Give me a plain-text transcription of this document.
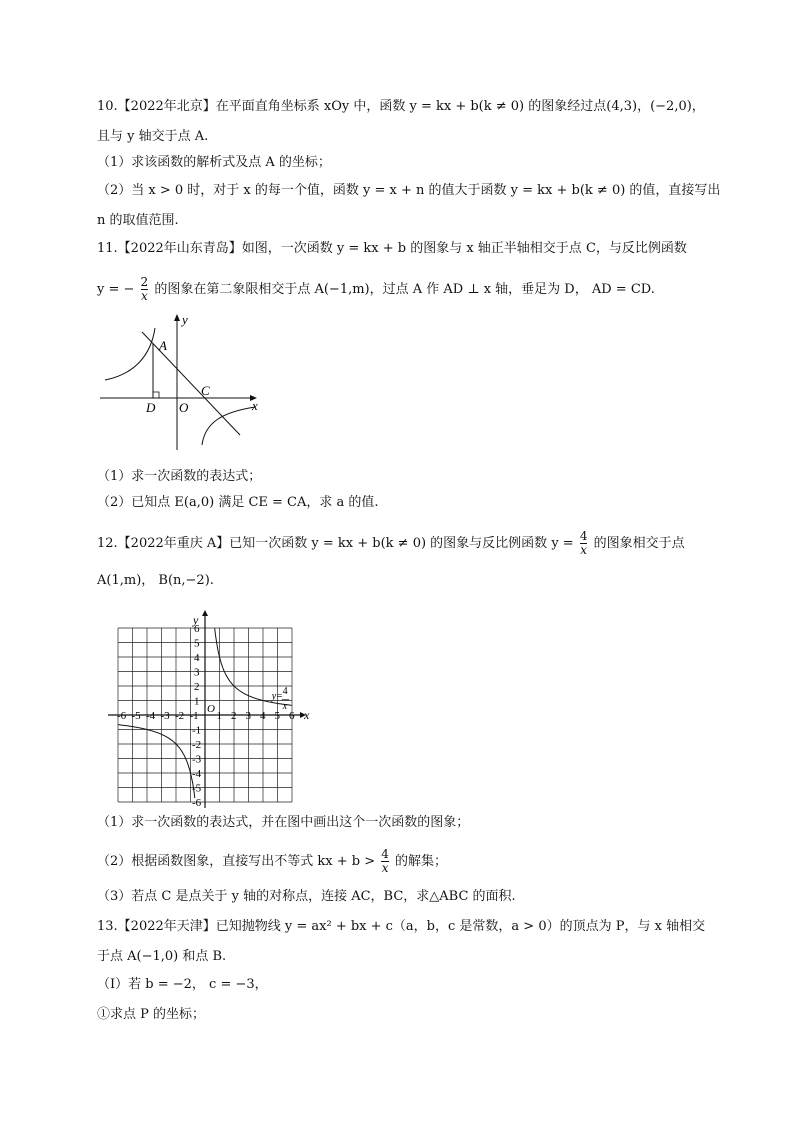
10.【2022年北京】在平面直角坐标系 xOy 中，函数 y = kx + b(k ≠ 0) 的图象经过点(4,3)，(−2,0)，
且与 y 轴交于点 A.
（1）求该函数的解析式及点 A 的坐标；
（2）当 x > 0 时，对于 x 的每一个值，函数 y = x + n 的值大于函数 y = kx + b(k ≠ 0) 的值，直接写出
n 的取值范围.
11.【2022年山东青岛】如图，一次函数 y = kx + b 的图象与 x 轴正半轴相交于点 C，与反比例函数
y = − $\frac{2}{x}$ 的图象在第二象限相交于点 A(−1,m)，过点 A 作 AD ⊥ x 轴，垂足为 D， AD = CD.
y
x
A
C
D O
（1）求一次函数的表达式；
（2）已知点 E(a,0) 满足 CE = CA，求 a 的值.
12.【2022年重庆 A】已知一次函数 y = kx + b(k ≠ 0) 的图象与反比例函数 $y = \frac{4}{x}$ 的图象相交于点
A(1,m)， B(n,−2).
1 2 3 4 5 6
-6 -5 -4 -3 -2 -1
1
2
3
4
5
6
-1
-2
-3
-4
-5
-6
y
x
O
y= 4
x
（1）求一次函数的表达式，并在图中画出这个一次函数的图象；
（2）根据函数图象，直接写出不等式 kx + $b > \frac{4}{x}$ 的解集；
（3）若点 C 是点关于 y 轴的对称点，连接 AC，BC，求△ABC 的面积.
13.【2022年天津】已知抛物线 y = ax² + bx + c（a，b，c 是常数，a > 0）的顶点为 P，与 x 轴相交
于点 A(−1,0) 和点 B.
（Ⅰ）若 b = −2， c = −3，
①求点 P 的坐标；
